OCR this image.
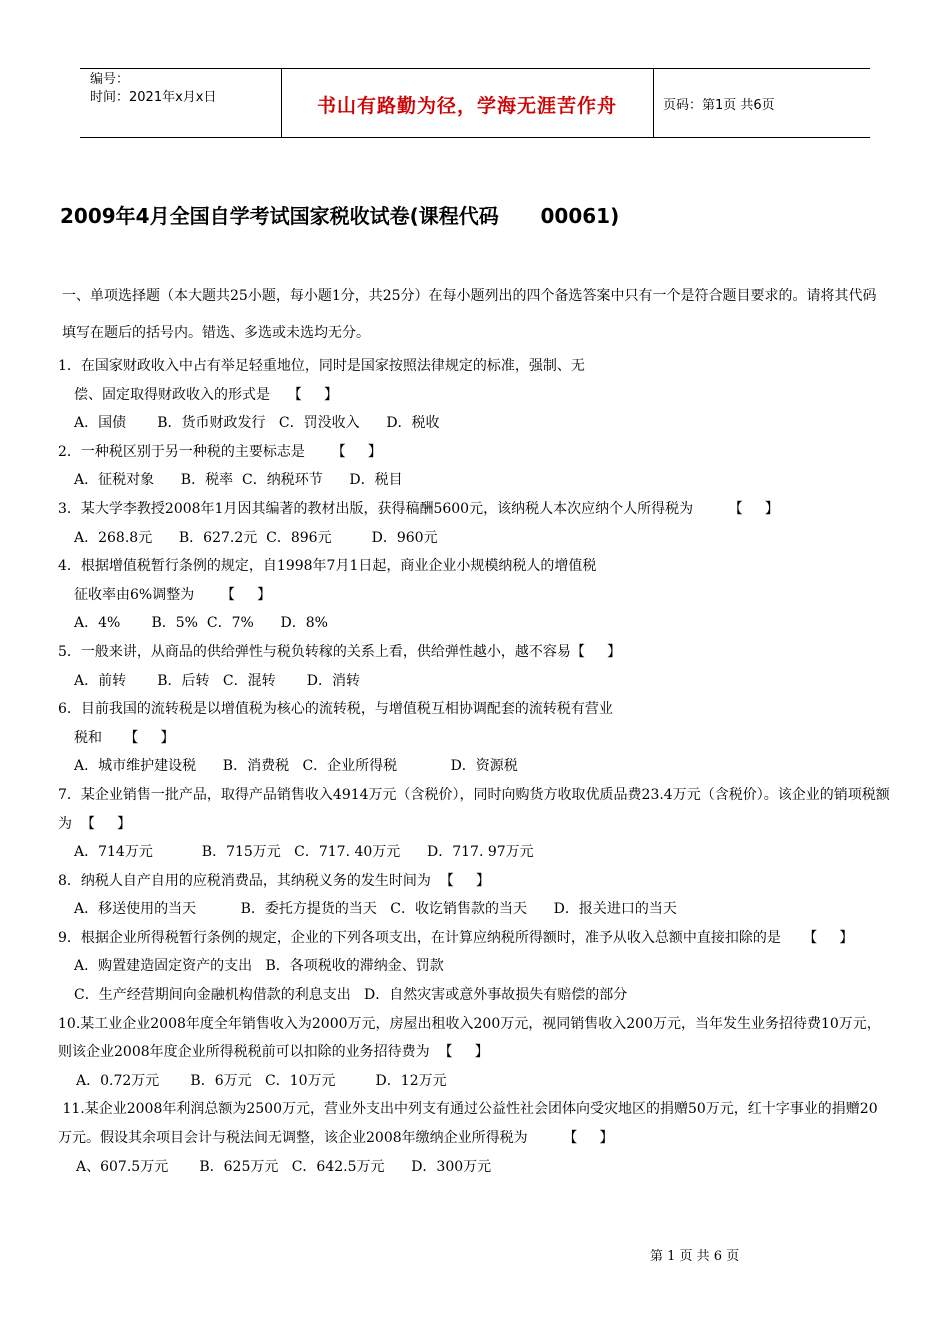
编号：
时间：2021年x月x日	书山有路勤为径，学海无涯苦作舟	页码：第1页 共6页
2009年4月全国自学考试国家税收试卷(课程代码      00061)

一、单项选择题（本大题共25小题，每小题1分，共25分）在每小题列出的四个备选答案中只有一个是符合题目要求的。请将其代码填写在题后的括号内。错选、多选或未选均无分。

1．在国家财政收入中占有举足轻重地位，同时是国家按照法律规定的标准，强制、无

偿、固定取得财政收入的形式是    【     】

A．国债       B．货币财政发行   C．罚没收入      D．税收

2．一种税区别于另一种税的主要标志是      【     】

A．征税对象      B．税率  C．纳税环节      D．税目

3．某大学李教授2008年1月因其编著的教材出版，获得稿酬5600元，该纳税人本次应纳个人所得税为        【     】

A．268.8元      B．627.2元  C．896元         D．960元

4．根据增值税暂行条例的规定，自1998年7月1日起，商业企业小规模纳税人的增值税

征收率由6%调整为      【     】

A．4%       B．5%  C．7%      D．8%

5．一般来讲，从商品的供给弹性与税负转稼的关系上看，供给弹性越小，越不容易【     】

A．前转       B．后转   C．混转       D．消转

6．目前我国的流转税是以增值税为核心的流转税，与增值税互相协调配套的流转税有营业

税和     【     】

A．城市维护建设税      B．消费税   C．企业所得税            D．资源税

7．某企业销售一批产品，取得产品销售收入4914万元（含税价），同时向购货方收取优质品费23.4万元（含税价）。该企业的销项税额为  【     】

A．714万元           B．715万元   C．717. 40万元      D．717. 97万元

8．纳税人自产自用的应税消费品，其纳税义务的发生时间为  【     】

A．移送使用的当天          B．委托方提货的当天   C．收讫销售款的当天      D．报关进口的当天

9．根据企业所得税暂行条例的规定，企业的下列各项支出，在计算应纳税所得额时，准予从收入总额中直接扣除的是     【     】

A．购置建造固定资产的支出   B．各项税收的滞纳金、罚款

C．生产经营期间向金融机构借款的利息支出   D．自然灾害或意外事故损失有赔偿的部分

10.某工业企业2008年度全年销售收入为2000万元，房屋出租收入200万元，视同销售收入200万元，当年发生业务招待费10万元，则该企业2008年度企业所得税税前可以扣除的业务招待费为  【     】

A．0.72万元       B．6万元   C．10万元         D．12万元

11.某企业2008年利润总额为2500万元，营业外支出中列支有通过公益性社会团体向受灾地区的捐赠50万元，红十字事业的捐赠20万元。假设其余项目会计与税法间无调整，该企业2008年缴纳企业所得税为        【     】

A、607.5万元       B．625万元   C．642.5万元      D．300万元

第 1 页 共 6 页
